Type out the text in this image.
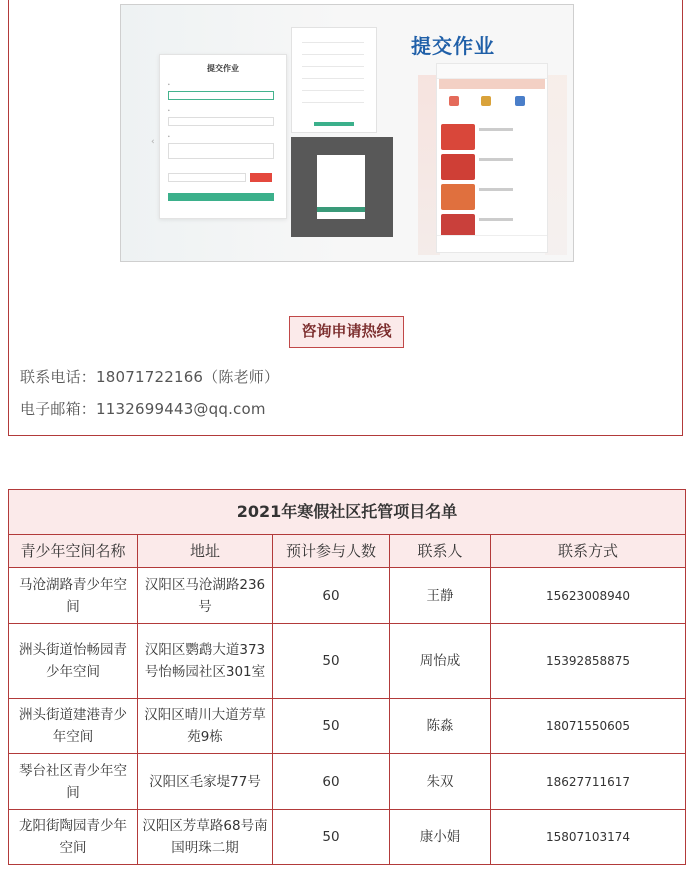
‹
提交作业
*
*
*
提交作业
咨询申请热线
联系电话：18071722166（陈老师）
电子邮箱：1132699443@qq.com
2021年寒假社区托管项目名单				
青少年空间名称	地址	预计参与人数	联系人	联系方式
马沧湖路青少年空间	汉阳区马沧湖路236号	60	王静	15623008940
洲头街道怡畅园青少年空间	汉阳区鹦鹉大道373号怡畅园社区301室	50	周怡成	15392858875
洲头街道建港青少年空间	汉阳区晴川大道芳草苑9栋	50	陈淼	18071550605
琴台社区青少年空间	汉阳区毛家堤77号	60	朱双	18627711617
龙阳街陶园青少年空间	汉阳区芳草路68号南国明珠二期	50	康小娟	15807103174
